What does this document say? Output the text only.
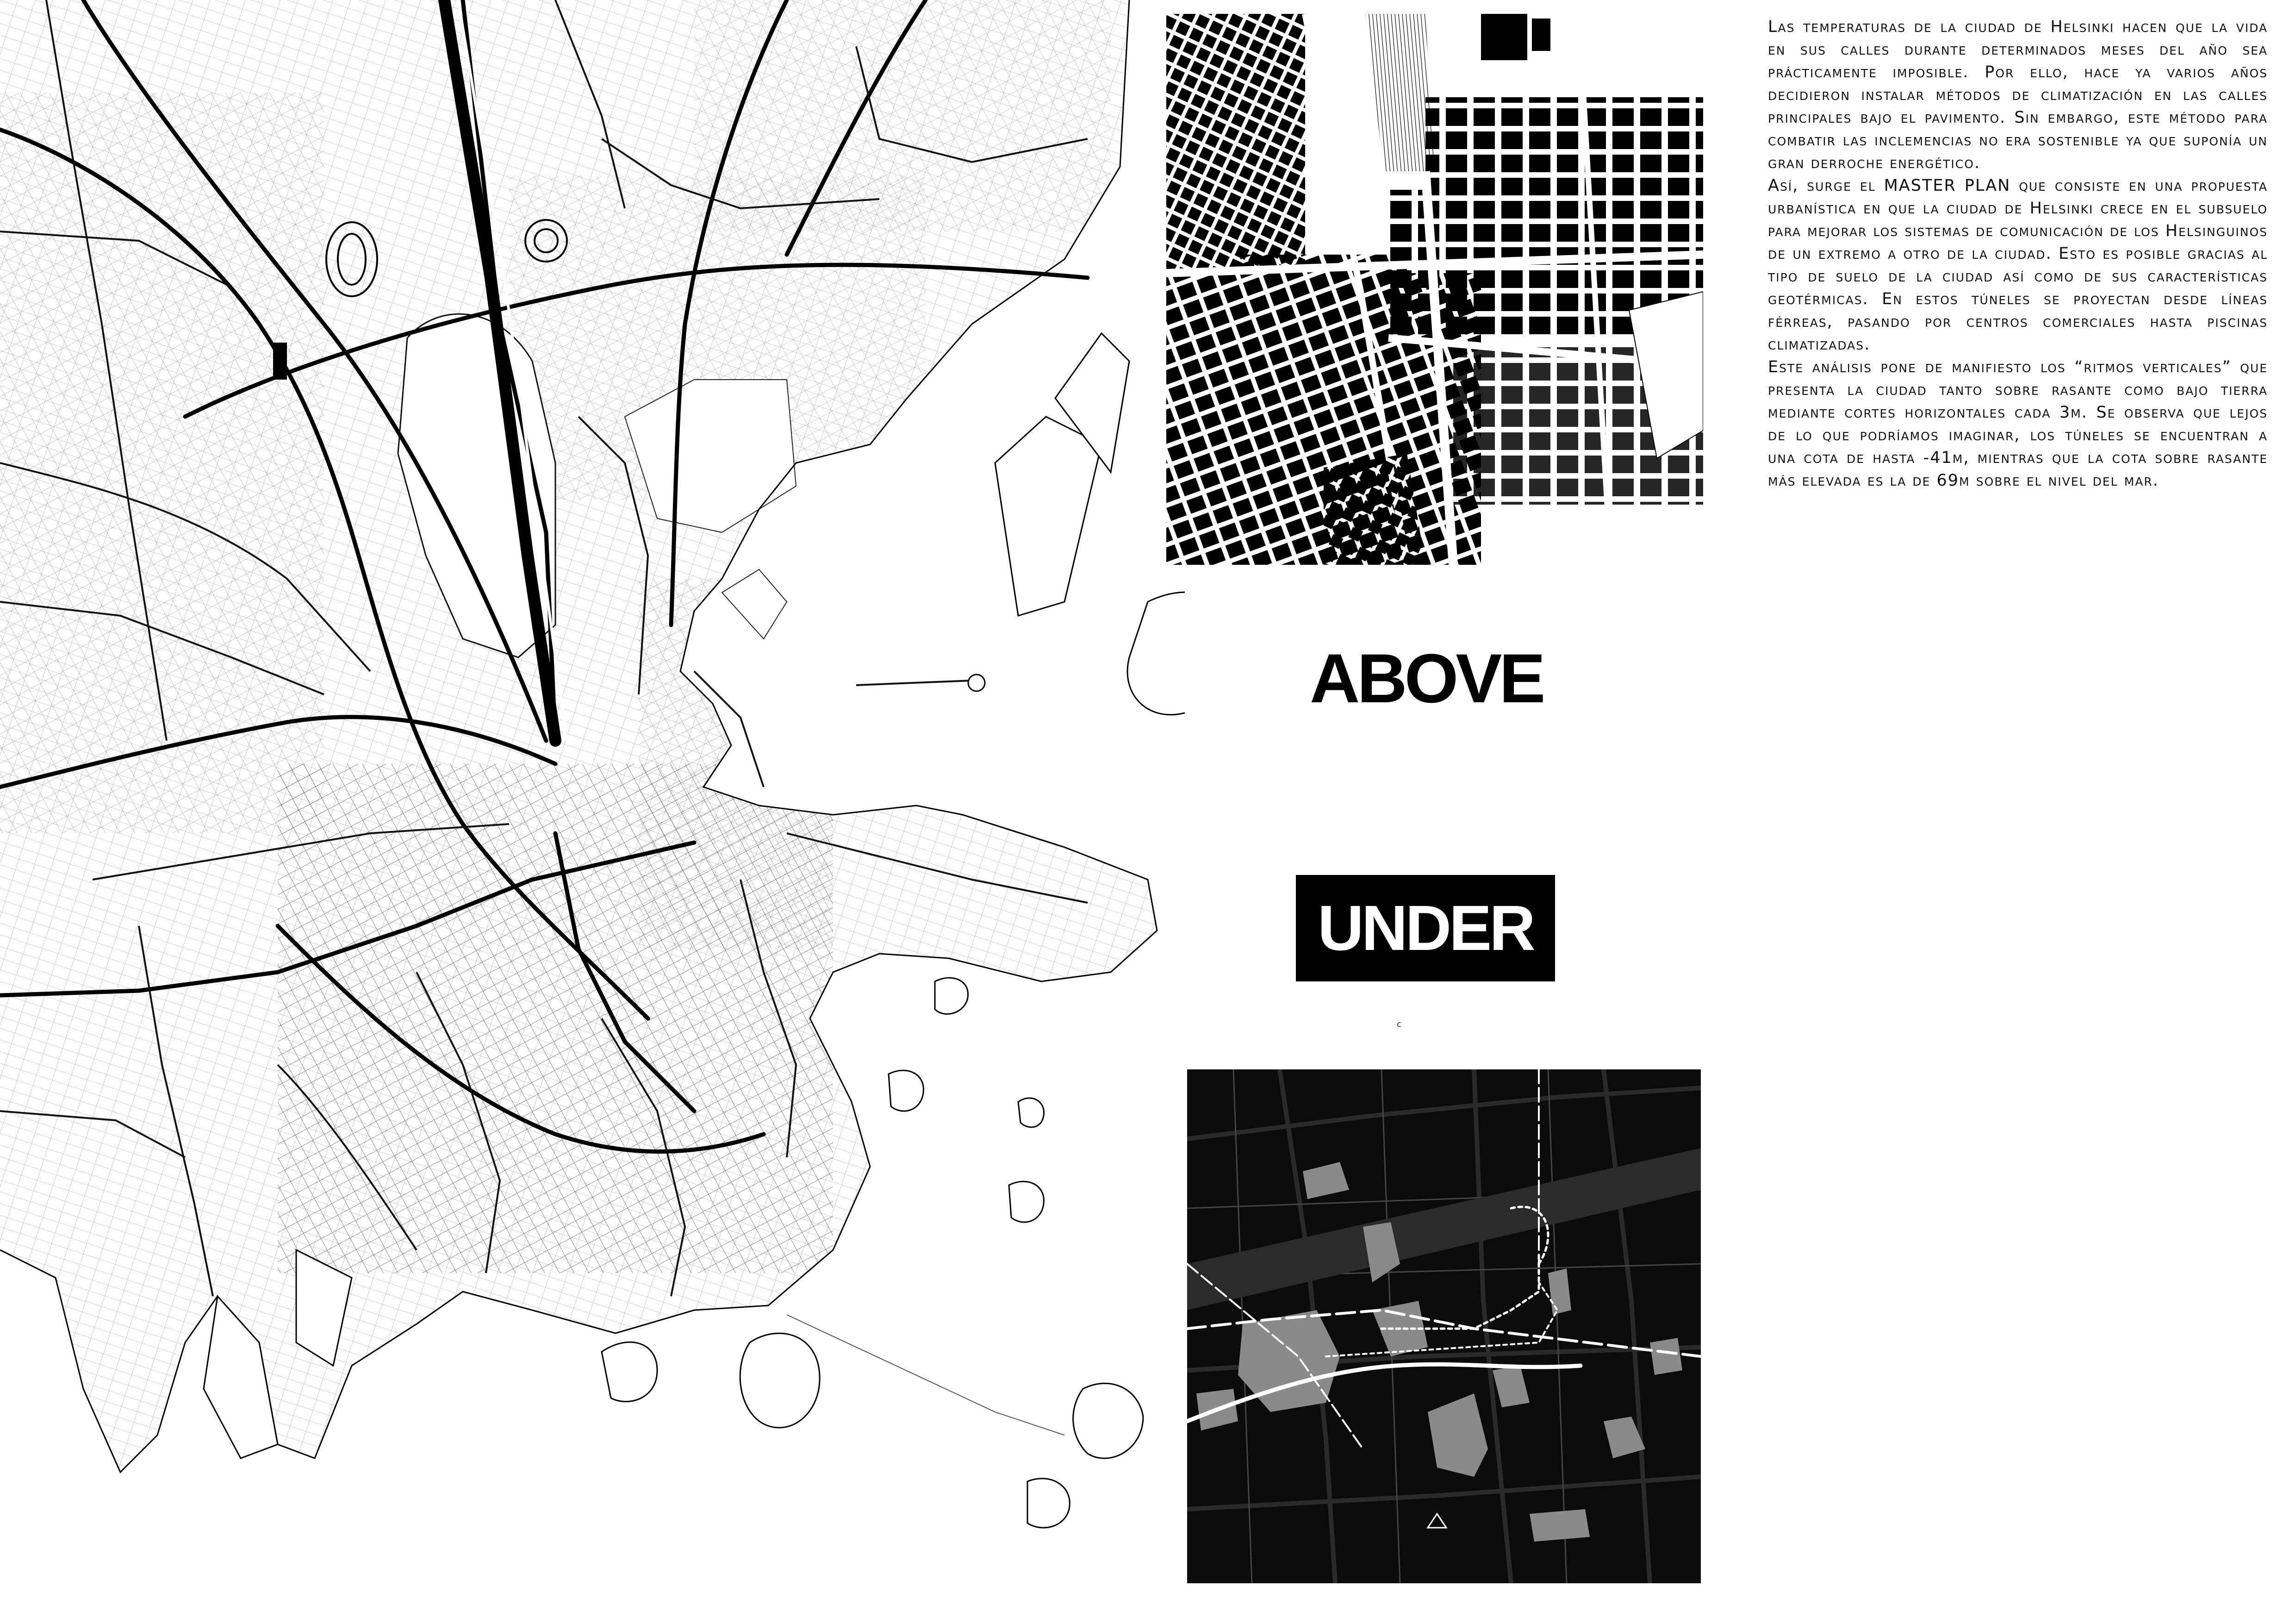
ABOVE
UNDER
c

Las temperaturas de la ciudad de Helsinki hacen que la vida en sus calles durante determinados meses del año sea prácticamente imposible. Por ello, hace ya varios años decidieron instalar métodos de climatización en las calles principales bajo el pavimento. Sin embargo, este método para combatir las inclemencias no era sostenible ya que suponía un gran derroche energético.

Así, surge el MASTER PLAN que consiste en una propuesta urbanística en que la ciudad de Helsinki crece en el subsuelo para mejorar los sistemas de comunicación de los Helsinguinos de un extremo a otro de la ciudad. Esto es posible gracias al tipo de suelo de la ciudad así como de sus características geotérmicas. En estos túneles se proyectan desde líneas férreas, pasando por centros comerciales hasta piscinas climatizadas.

Este análisis pone de manifiesto los “ritmos verticales” que presenta la ciudad tanto sobre rasante como bajo tierra mediante cortes horizontales cada 3m. Se observa que lejos de lo que podríamos imaginar, los túneles se encuentran a una cota de hasta -41m, mientras que la cota sobre rasante más elevada es la de 69m sobre el nivel del mar.
